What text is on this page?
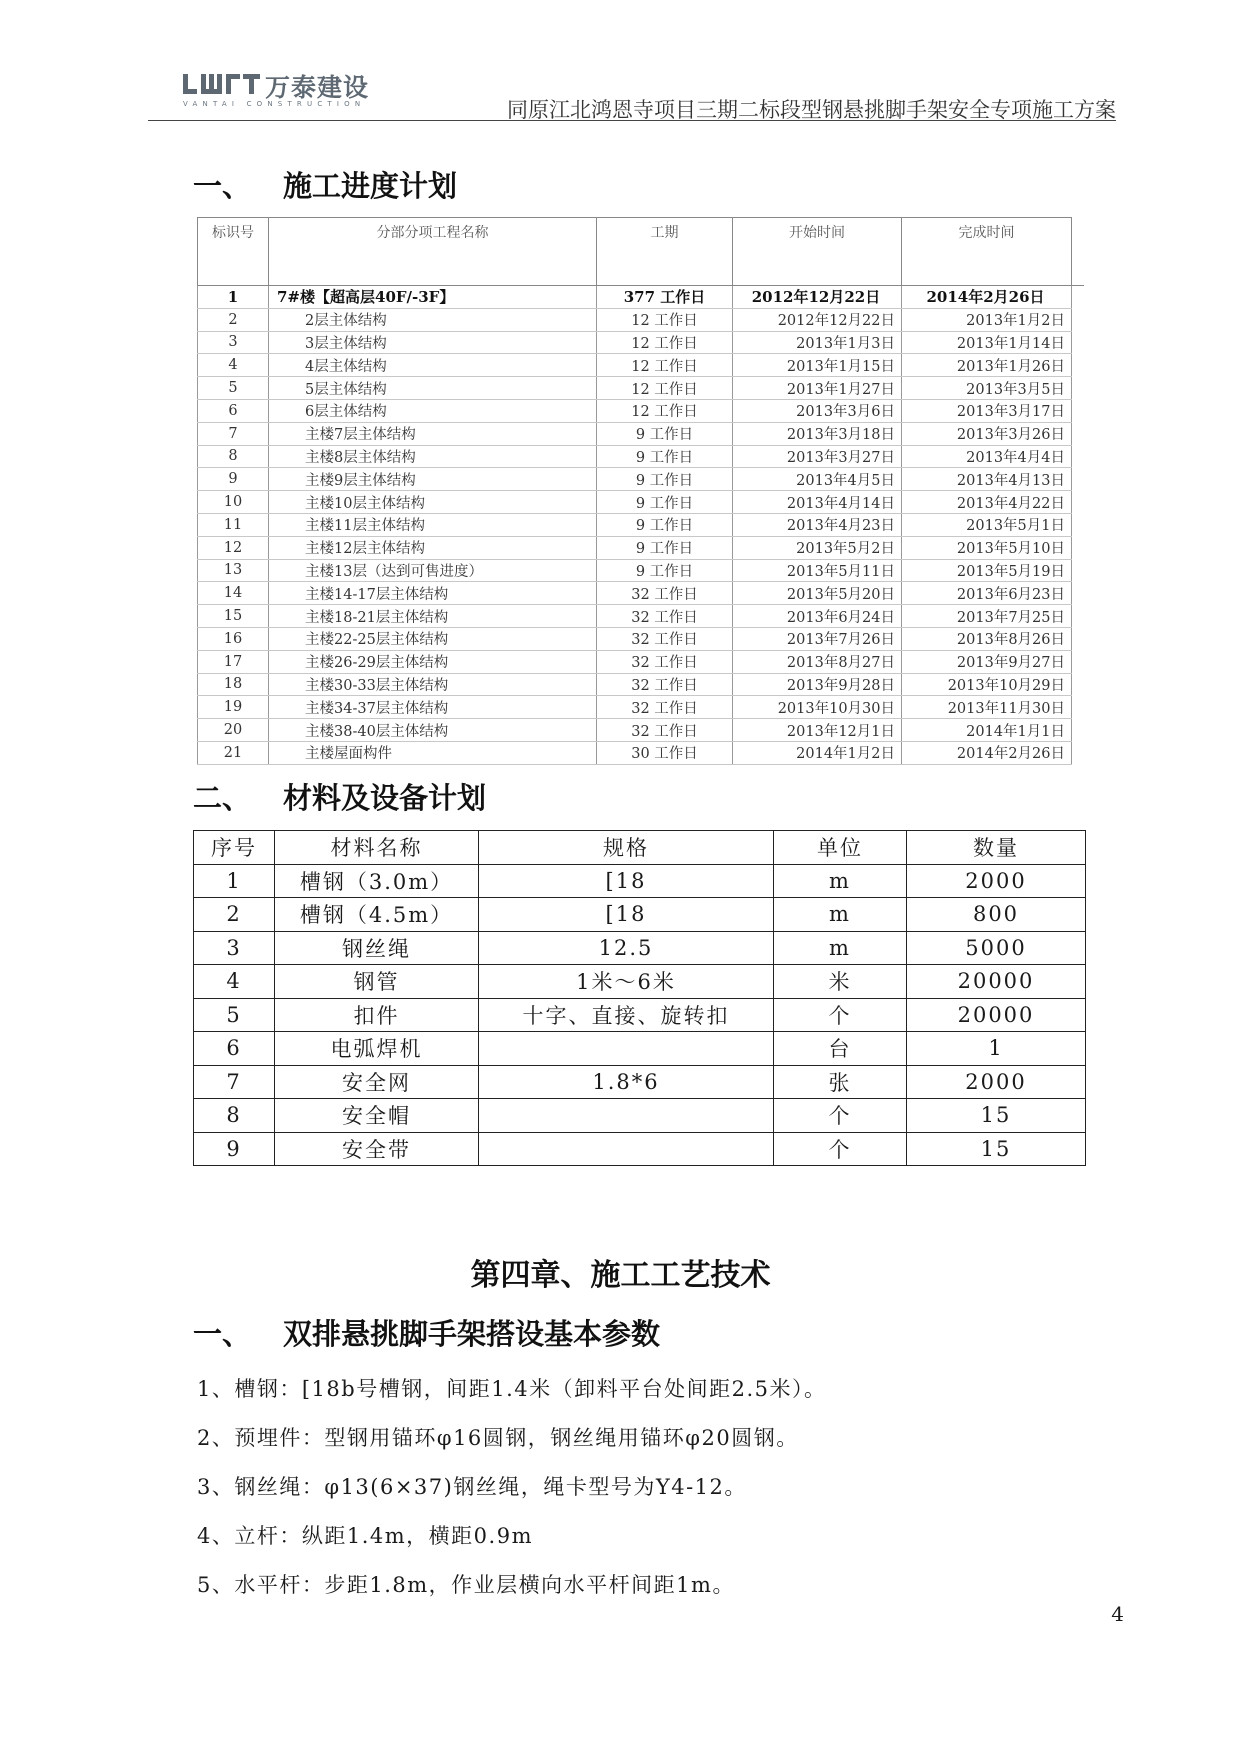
万泰建设
VANTAI CONSTRUCTION	同原江北鸿恩寺项目三期二标段型钢悬挑脚手架安全专项施工方案
一、 施工进度计划
标识号	分部分项工程名称	工期	开始时间	完成时间	
1	7#楼【超高层40F/-3F】	377 工作日	2012年12月22日	2014年2月26日	
2	2层主体结构	12 工作日	2012年12月22日	2013年1月2日	
3	3层主体结构	12 工作日	2013年1月3日	2013年1月14日	
4	4层主体结构	12 工作日	2013年1月15日	2013年1月26日	
5	5层主体结构	12 工作日	2013年1月27日	2013年3月5日	
6	6层主体结构	12 工作日	2013年3月6日	2013年3月17日	
7	主楼7层主体结构	9 工作日	2013年3月18日	2013年3月26日	
8	主楼8层主体结构	9 工作日	2013年3月27日	2013年4月4日	
9	主楼9层主体结构	9 工作日	2013年4月5日	2013年4月13日	
10	主楼10层主体结构	9 工作日	2013年4月14日	2013年4月22日	
11	主楼11层主体结构	9 工作日	2013年4月23日	2013年5月1日	
12	主楼12层主体结构	9 工作日	2013年5月2日	2013年5月10日	
13	主楼13层（达到可售进度）	9 工作日	2013年5月11日	2013年5月19日	
14	主楼14-17层主体结构	32 工作日	2013年5月20日	2013年6月23日	
15	主楼18-21层主体结构	32 工作日	2013年6月24日	2013年7月25日	
16	主楼22-25层主体结构	32 工作日	2013年7月26日	2013年8月26日	
17	主楼26-29层主体结构	32 工作日	2013年8月27日	2013年9月27日	
18	主楼30-33层主体结构	32 工作日	2013年9月28日	2013年10月29日	
19	主楼34-37层主体结构	32 工作日	2013年10月30日	2013年11月30日	
20	主楼38-40层主体结构	32 工作日	2013年12月1日	2014年1月1日	
21	主楼屋面构件	30 工作日	2014年1月2日	2014年2月26日	
二、 材料及设备计划
序号	材料名称	规格	单位	数量
1	槽钢（3.0m）	[18	m	2000
2	槽钢（4.5m）	[18	m	800
3	钢丝绳	12.5	m	5000
4	钢管	1米～6米	米	20000
5	扣件	十字、直接、旋转扣	个	20000
6	电弧焊机		台	1
7	安全网	1.8*6	张	2000
8	安全帽		个	15
9	安全带		个	15
第四章、施工工艺技术
一、 双排悬挑脚手架搭设基本参数
1、槽钢：[18b号槽钢，间距1.4米（卸料平台处间距2.5米）。
2、预埋件：型钢用锚环φ16圆钢，钢丝绳用锚环φ20圆钢。
3、钢丝绳：φ13(6×37)钢丝绳，绳卡型号为Y4-12。
4、立杆：纵距1.4m，横距0.9m
5、水平杆：步距1.8m，作业层横向水平杆间距1m。
4
